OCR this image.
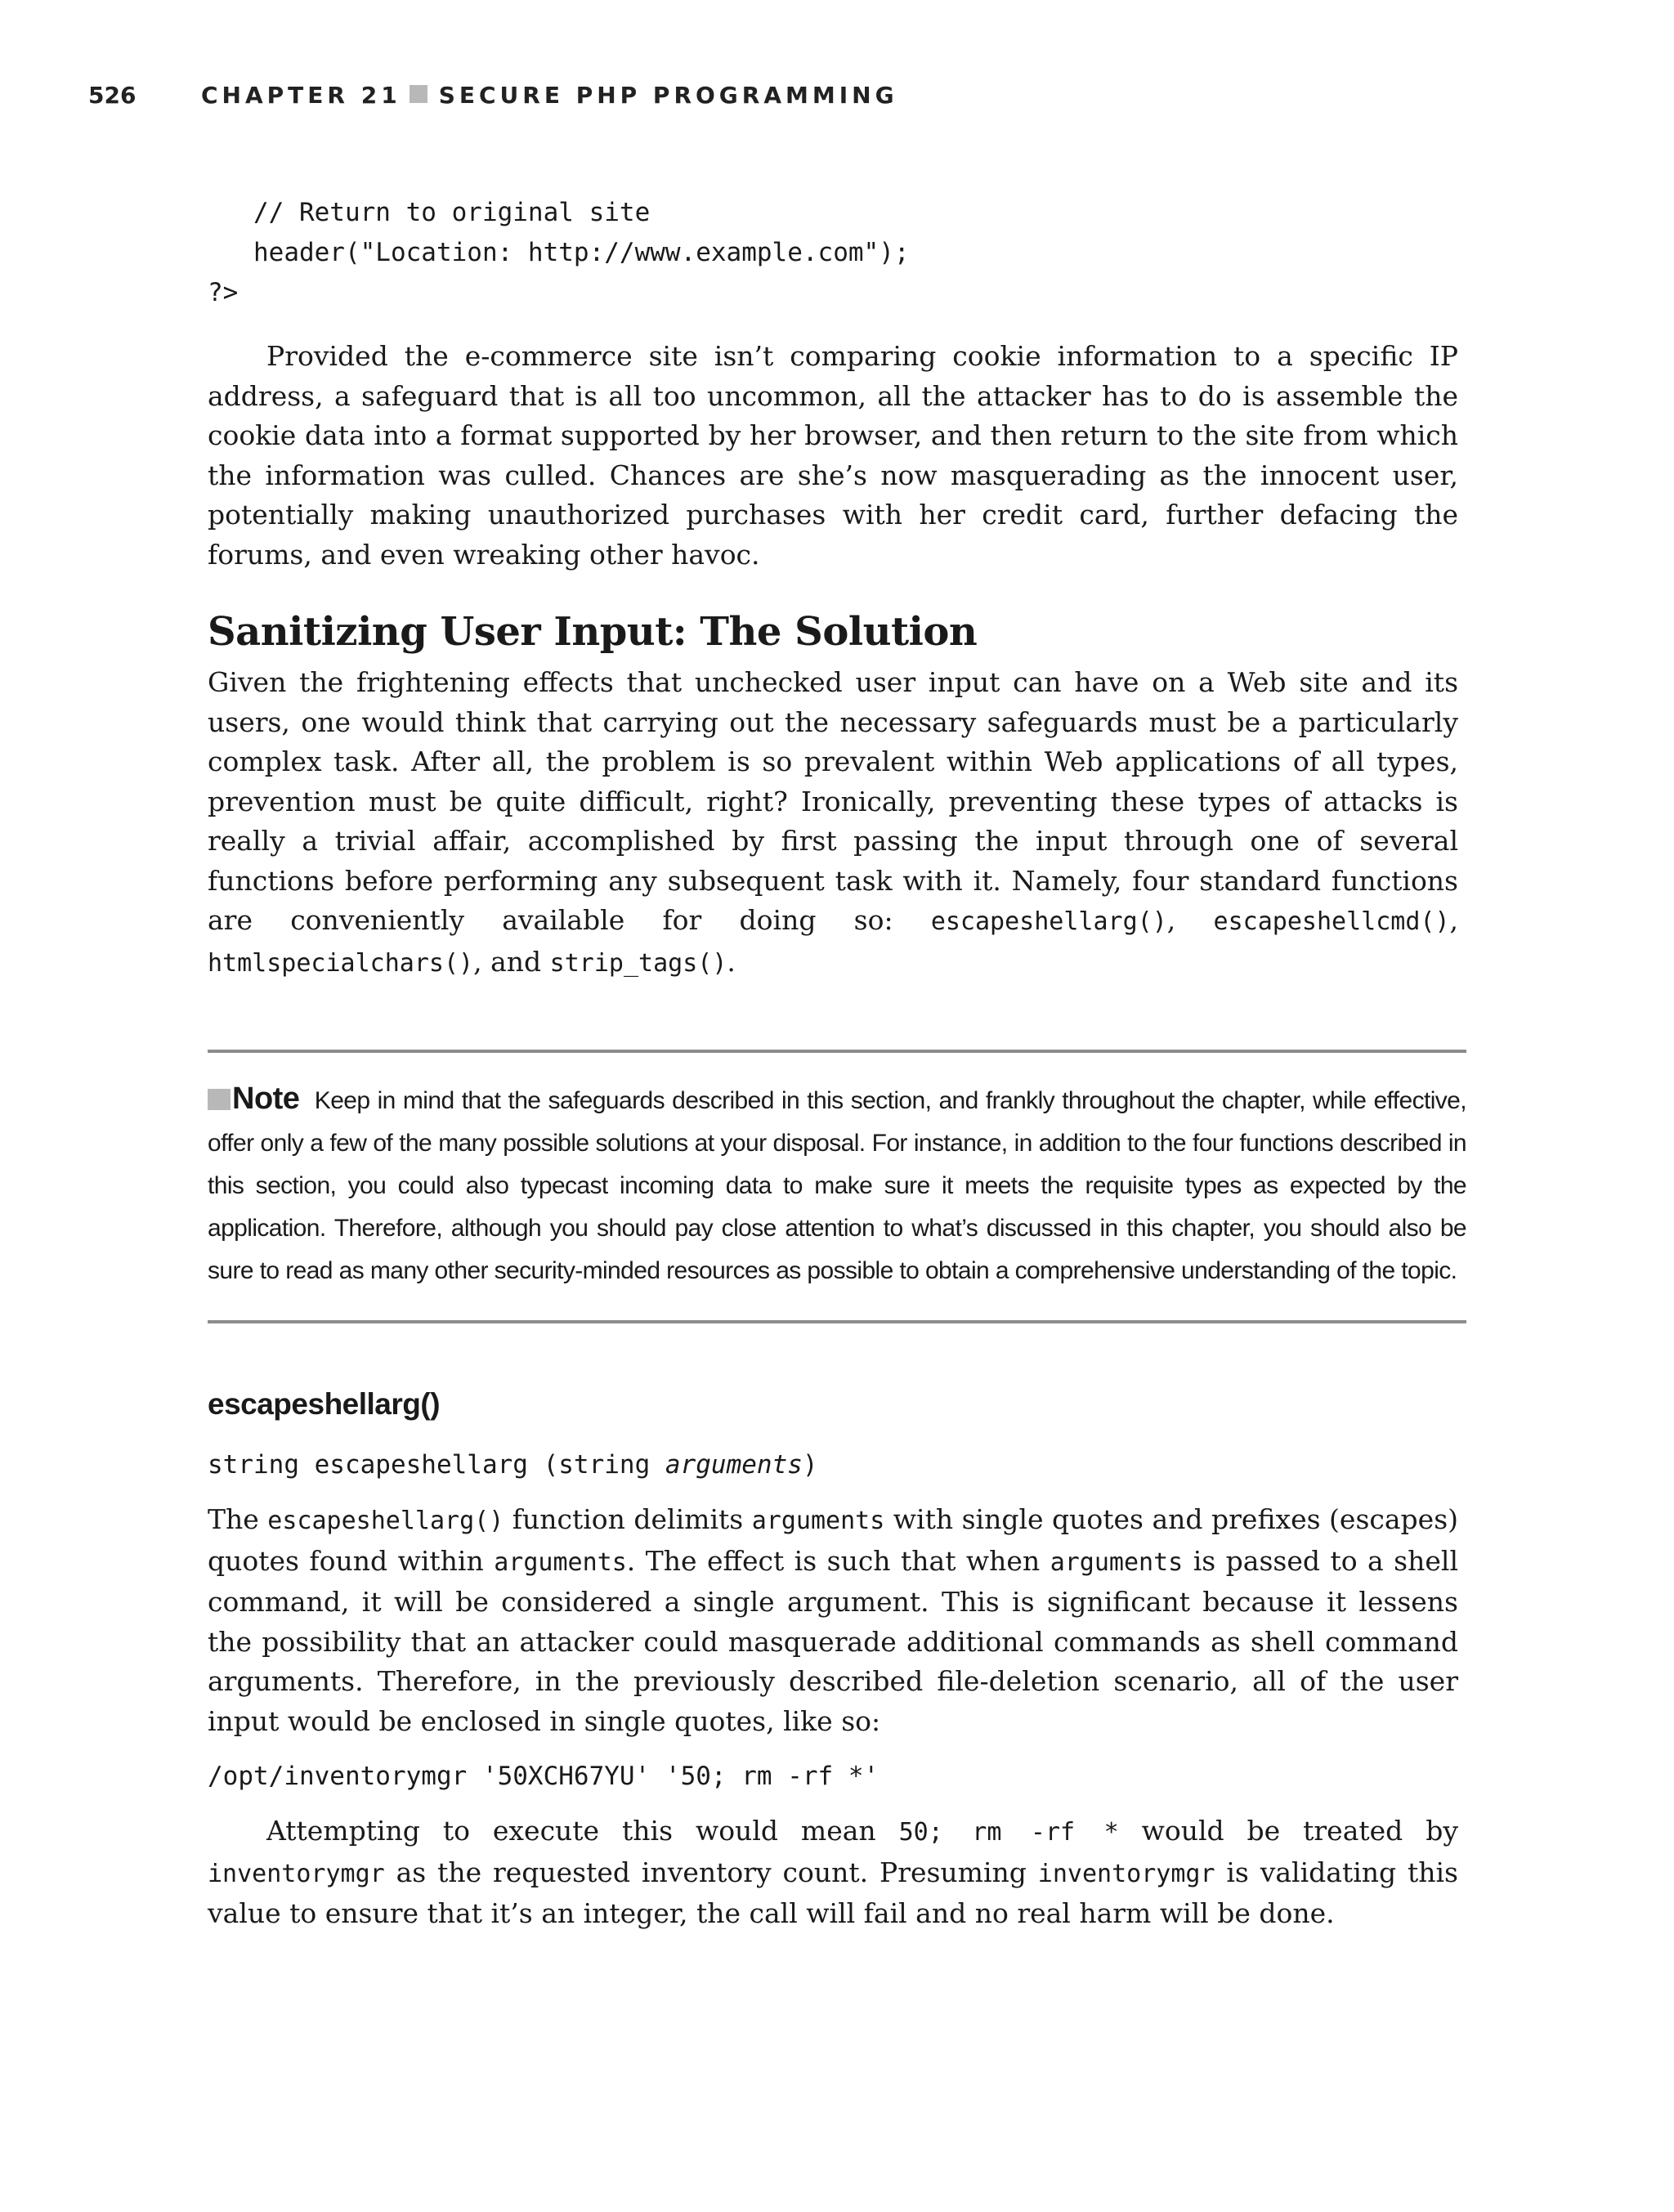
526	CHAPTER 21 SECURE PHP PROGRAMMING
// Return to original site
header("Location: http://www.example.com");
?>

Provided the e-commerce site isn’t comparing cookie information to a specific IP address, a safeguard that is all too uncommon, all the attacker has to do is assemble the cookie data into a format supported by her browser, and then return to the site from which the information was culled. Chances are she’s now masquerading as the innocent user, potentially making unauthorized purchases with her credit card, further defacing the forums, and even wreaking other havoc.

Sanitizing User Input: The Solution

Given the frightening effects that unchecked user input can have on a Web site and its users, one would think that carrying out the necessary safeguards must be a particularly complex task. After all, the problem is so prevalent within Web applications of all types, prevention must be quite difficult, right? Ironically, preventing these types of attacks is really a trivial affair, accomplished by first passing the input through one of several functions before performing any subsequent task with it. Namely, four standard functions are conveniently available for doing so: escapeshellarg(), escapeshellcmd(), htmlspecialchars(), and strip_tags().

Note Keep in mind that the safeguards described in this section, and frankly throughout the chapter, while effective, offer only a few of the many possible solutions at your disposal. For instance, in addition to the four functions described in this section, you could also typecast incoming data to make sure it meets the requisite types as expected by the application. Therefore, although you should pay close attention to what’s discussed in this chapter, you should also be sure to read as many other security-minded resources as possible to obtain a comprehensive understanding of the topic.

escapeshellarg()

string escapeshellarg (string arguments)

The escapeshellarg() function delimits arguments with single quotes and prefixes (escapes) quotes found within arguments. The effect is such that when arguments is passed to a shell command, it will be considered a single argument. This is significant because it lessens the possibility that an attacker could masquerade additional commands as shell command arguments. Therefore, in the previously described file-deletion scenario, all of the user input would be enclosed in single quotes, like so:

/opt/inventorymgr '50XCH67YU' '50; rm -rf *'

Attempting to execute this would mean 50; rm -rf * would be treated by inventorymgr as the requested inventory count. Presuming inventorymgr is validating this value to ensure that it’s an integer, the call will fail and no real harm will be done.
